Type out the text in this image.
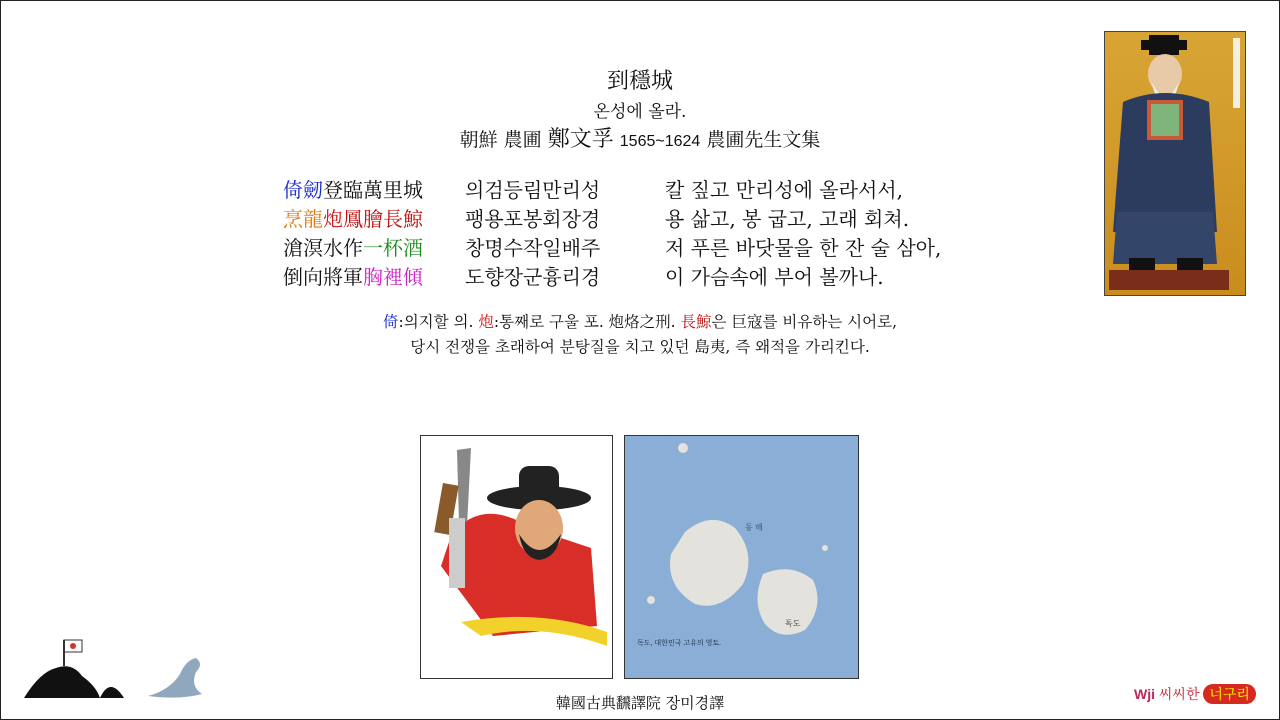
到穩城
온성에 올라.
朝鮮 農圃 鄭文孚 1565~1624 農圃先生文集
倚劒登臨萬里城 의검등림만리성	칼 짚고 만리성에 올라서서,
烹龍炮鳳膾長鯨 팽용포봉회장경	용 삶고, 봉 굽고, 고래 회쳐.
滄溟水作一杯酒 창명수작일배주	저 푸른 바닷물을 한 잔 술 삼아,
倒向將軍胸裡傾 도향장군흉리경	이 가슴속에 부어 볼까나.
倚:의지할 의. 炮:통째로 구울 포. 炮烙之刑. 長鯨은 巨寇를 비유하는 시어로,
당시 전쟁을 초래하여 분탕질을 치고 있던 島夷, 즉 왜적을 가리킨다.
동 해
독도
독도, 대한민국 고유의 영토.
韓國古典飜譯院 장미경譯	Wji 씨씨한 너구리
